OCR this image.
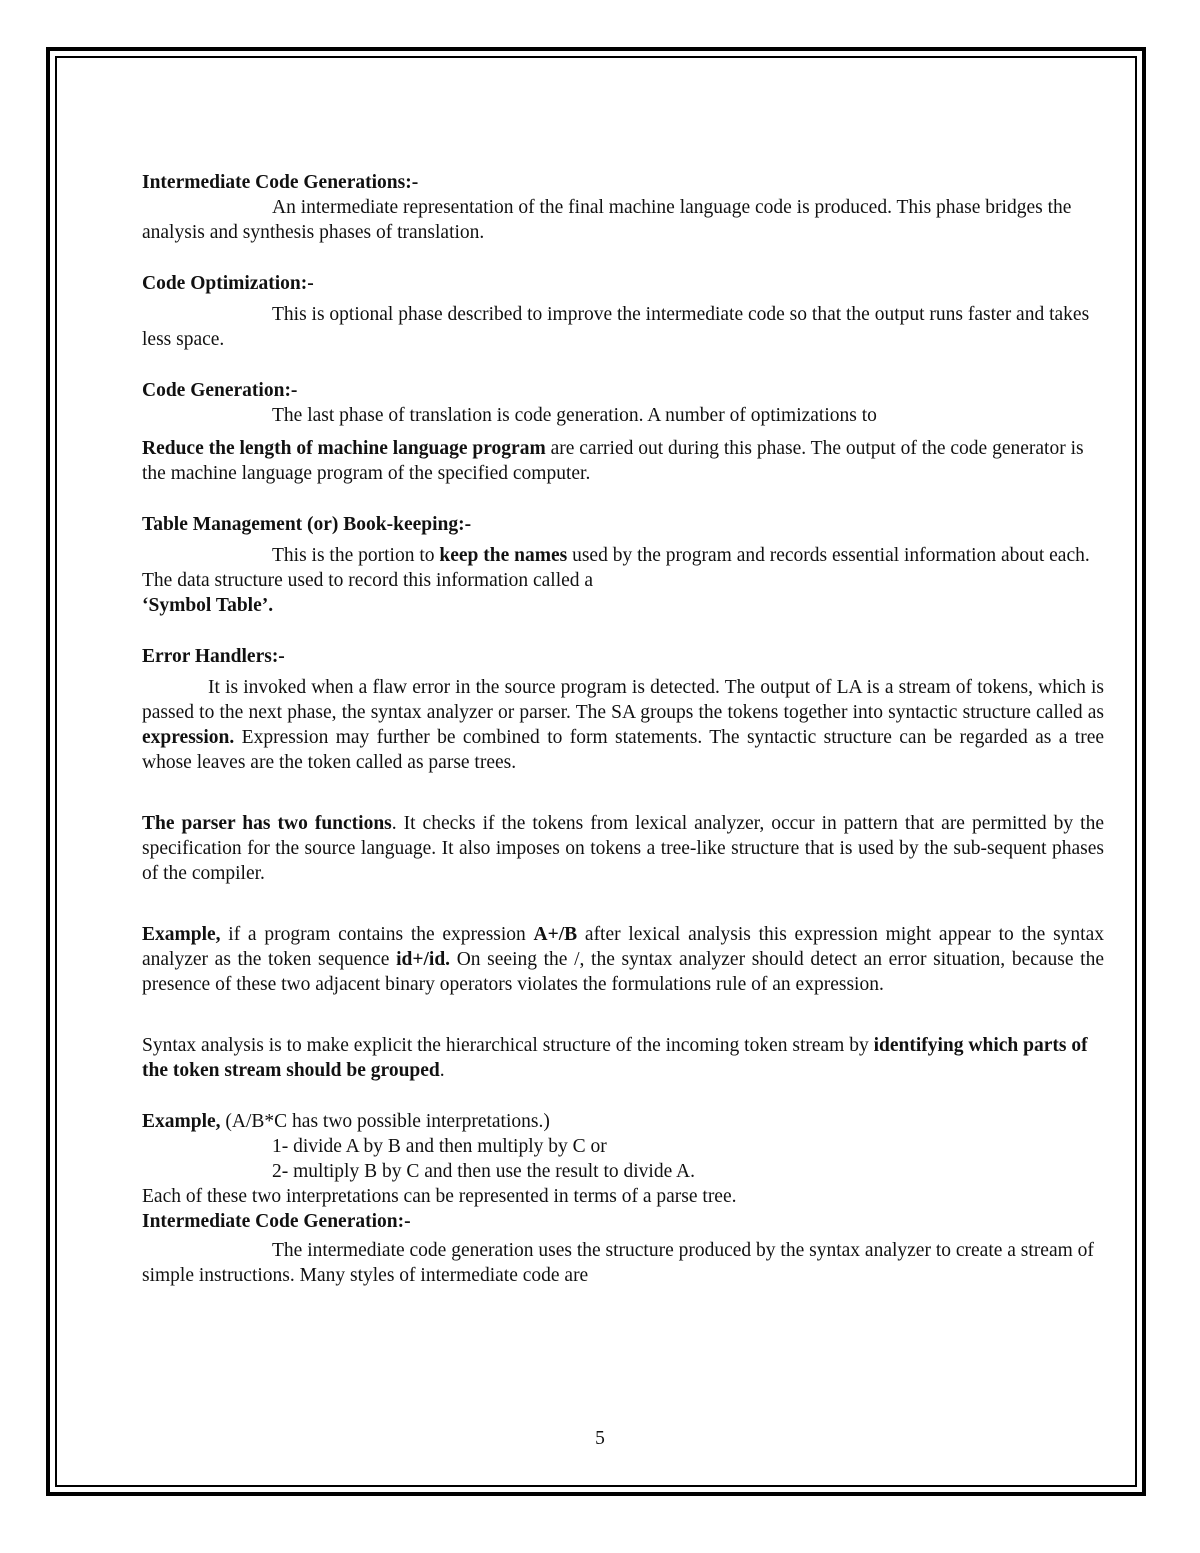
Intermediate Code Generations:-

An intermediate representation of the final machine language code is produced. This phase bridges the analysis and synthesis phases of translation.

Code Optimization:-

This is optional phase described to improve the intermediate code so that the output runs faster and takes less space.

Code Generation:-

The last phase of translation is code generation. A number of optimizations to

Reduce the length of machine language program are carried out during this phase. The output of the code generator is the machine language program of the specified computer.

Table Management (or) Book-keeping:-

This is the portion to keep the names used by the program and records essential information about each. The data structure used to record this information called a

‘Symbol Table’.

Error Handlers:-

It is invoked when a flaw error in the source program is detected. The output of LA is a stream of tokens, which is passed to the next phase, the syntax analyzer or parser. The SA groups the tokens together into syntactic structure called as expression. Expression may further be combined to form statements. The syntactic structure can be regarded as a tree whose leaves are the token called as parse trees.

The parser has two functions. It checks if the tokens from lexical analyzer, occur in pattern that are permitted by the specification for the source language. It also imposes on tokens a tree-like structure that is used by the sub-sequent phases of the compiler.

Example, if a program contains the expression A+/B after lexical analysis this expression might appear to the syntax analyzer as the token sequence id+/id. On seeing the /, the syntax analyzer should detect an error situation, because the presence of these two adjacent binary operators violates the formulations rule of an expression.

Syntax analysis is to make explicit the hierarchical structure of the incoming token stream by identifying which parts of the token stream should be grouped.

Example, (A/B*C has two possible interpretations.)

1- divide A by B and then multiply by C or

2- multiply B by C and then use the result to divide A.

Each of these two interpretations can be represented in terms of a parse tree.

Intermediate Code Generation:-

The intermediate code generation uses the structure produced by the syntax analyzer to create a stream of simple instructions. Many styles of intermediate code are

5
